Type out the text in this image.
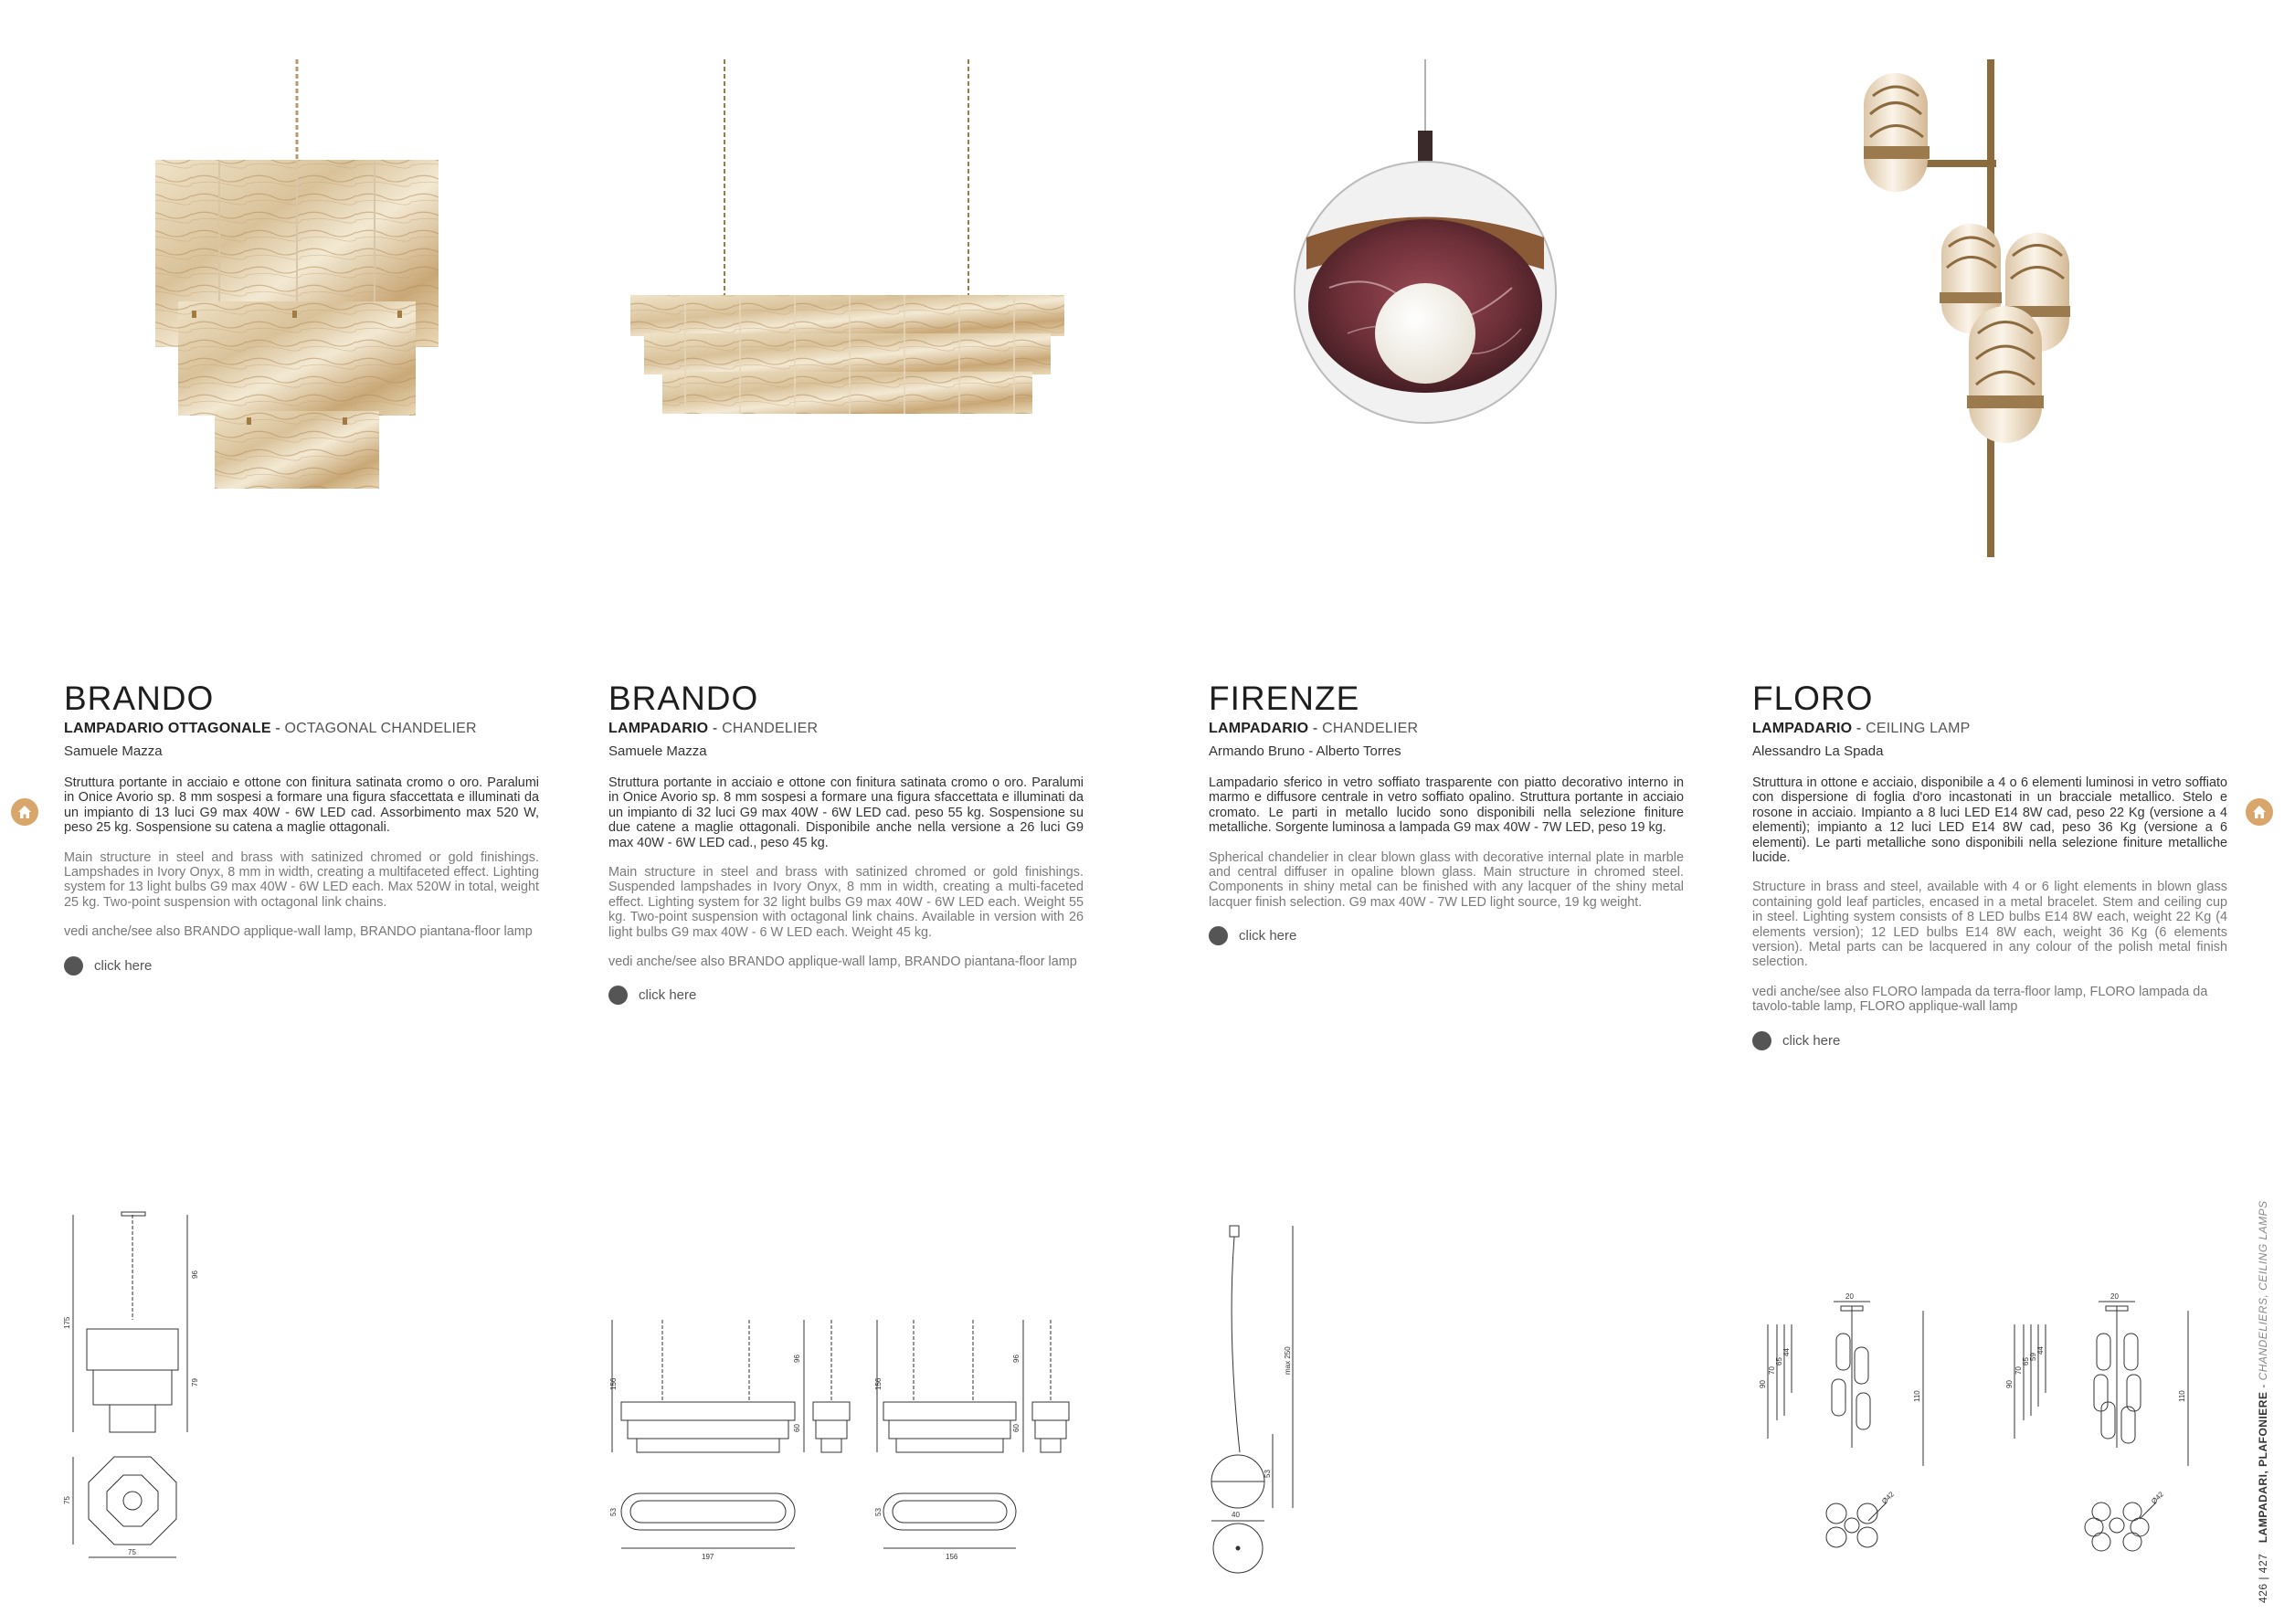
BRANDO
LAMPADARIO OTTAGONALE - OCTAGONAL CHANDELIER
Samuele Mazza
Struttura portante in acciaio e ottone con finitura satinata cromo o oro. Paralumi in Onice Avorio sp. 8 mm sospesi a formare una figura sfaccettata e illuminati da un impianto di 13 luci G9 max 40W - 6W LED cad. Assorbimento max 520 W, peso 25 kg. Sospensione su catena a maglie ottagonali.
Main structure in steel and brass with satinized chromed or gold finishings. Lampshades in Ivory Onyx, 8 mm in width, creating a multifaceted effect. Lighting system for 13 light bulbs G9 max 40W - 6W LED each. Max 520W in total, weight 25 kg. Two-point suspension with octagonal link chains.
vedi anche/see also BRANDO applique-wall lamp, BRANDO piantana-floor lamp
click here
BRANDO
LAMPADARIO - CHANDELIER
Samuele Mazza
Struttura portante in acciaio e ottone con finitura satinata cromo o oro. Paralumi in Onice Avorio sp. 8 mm sospesi a formare una figura sfaccettata e illuminati da un impianto di 32 luci G9 max 40W - 6W LED cad. peso 55 kg. Sospensione su due catene a maglie ottagonali. Disponibile anche nella versione a 26 luci G9 max 40W - 6W LED cad., peso 45 kg.
Main structure in steel and brass with satinized chromed or gold finishings. Suspended lampshades in Ivory Onyx, 8 mm in width, creating a multi-faceted effect. Lighting system for 32 light bulbs G9 max 40W - 6W LED each. Weight 55 kg. Two-point suspension with octagonal link chains. Available in version with 26 light bulbs G9 max 40W - 6 W LED each. Weight 45 kg.
vedi anche/see also BRANDO applique-wall lamp, BRANDO piantana-floor lamp
click here
FIRENZE
LAMPADARIO - CHANDELIER
Armando Bruno - Alberto Torres
Lampadario sferico in vetro soffiato trasparente con piatto decorativo interno in marmo e diffusore centrale in vetro soffiato opalino. Struttura portante in acciaio cromato. Le parti in metallo lucido sono disponibili nella selezione finiture metalliche. Sorgente luminosa a lampada G9 max 40W - 7W LED, peso 19 kg.
Spherical chandelier in clear blown glass with decorative internal plate in marble and central diffuser in opaline blown glass. Main structure in chromed steel. Components in shiny metal can be finished with any lacquer of the shiny metal lacquer finish selection. G9 max 40W - 7W LED light source, 19 kg weight.
click here
FLORO
LAMPADARIO - CEILING LAMP
Alessandro La Spada
Struttura in ottone e acciaio, disponibile a 4 o 6 elementi luminosi in vetro soffiato con dispersione di foglia d'oro incastonati in un bracciale metallico. Stelo e rosone in acciaio. Impianto a 8 luci LED E14 8W cad, peso 22 Kg (versione a 4 elementi); impianto a 12 luci LED E14 8W cad, peso 36 Kg (versione a 6 elementi). Le parti metalliche sono disponibili nella selezione finiture metalliche lucide.
Structure in brass and steel, available with 4 or 6 light elements in blown glass containing gold leaf particles, encased in a metal bracelet. Stem and ceiling cup in steel. Lighting system consists of 8 LED bulbs E14 8W each, weight 22 Kg (4 elements version); 12 LED bulbs E14 8W each, weight 36 Kg (6 elements version). Metal parts can be lacquered in any colour of the polish metal finish selection.
vedi anche/see also FLORO lampada da terra-floor lamp, FLORO lampada da tavolo-table lamp, FLORO applique-wall lamp
click here
175
96
79
75
75
156
96
60
53
197
156
96
60
53
156
max 250
53
40
20
90
70
65
44
110
Ø42
20
90
70
65
59
44
110
Ø42
426 | 427   LAMPADARI, PLAFONIERE - CHANDELIERS, CEILING LAMPS
